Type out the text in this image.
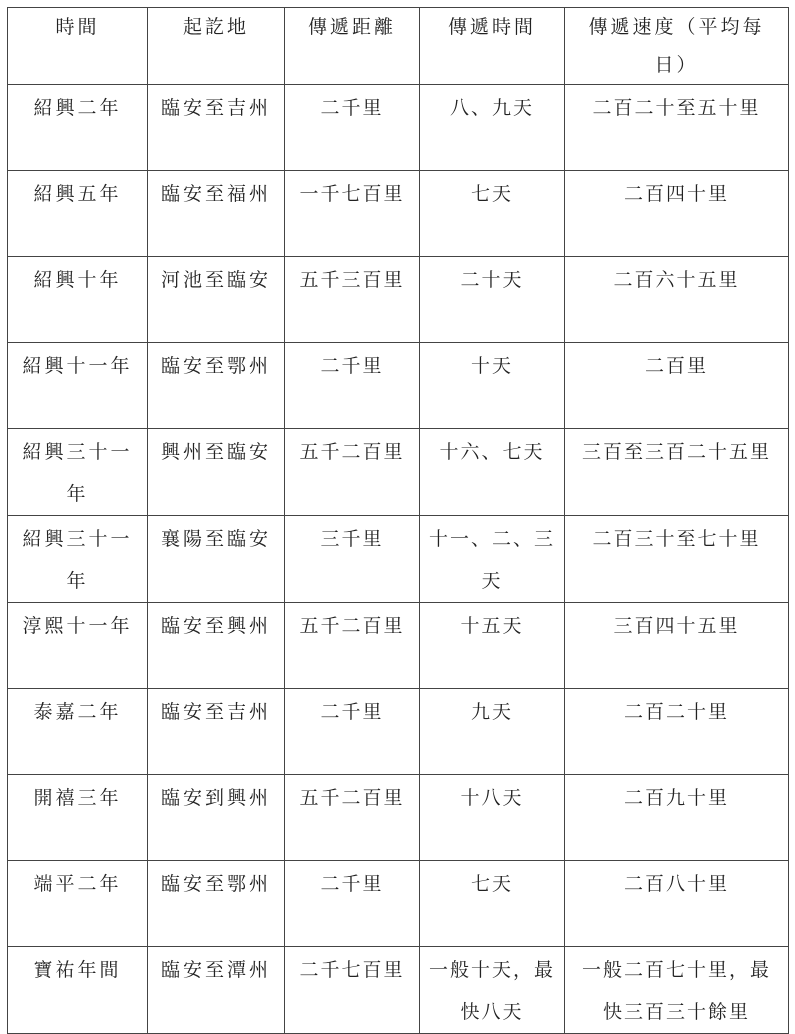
時間	起訖地	傳遞距離	傳遞時間	傳遞速度（平均每日）
紹興二年	臨安至吉州	二千里	八、九天	二百二十至五十里
紹興五年	臨安至福州	一千七百里	七天	二百四十里
紹興十年	河池至臨安	五千三百里	二十天	二百六十五里
紹興十一年	臨安至鄂州	二千里	十天	二百里
紹興三十一年	興州至臨安	五千二百里	十六、七天	三百至三百二十五里
紹興三十一年	襄陽至臨安	三千里	十一、二、三天	二百三十至七十里
淳熙十一年	臨安至興州	五千二百里	十五天	三百四十五里
泰嘉二年	臨安至吉州	二千里	九天	二百二十里
開禧三年	臨安到興州	五千二百里	十八天	二百九十里
端平二年	臨安至鄂州	二千里	七天	二百八十里
寶祐年間	臨安至潭州	二千七百里	一般十天，最快八天	一般二百七十里，最快三百三十餘里
